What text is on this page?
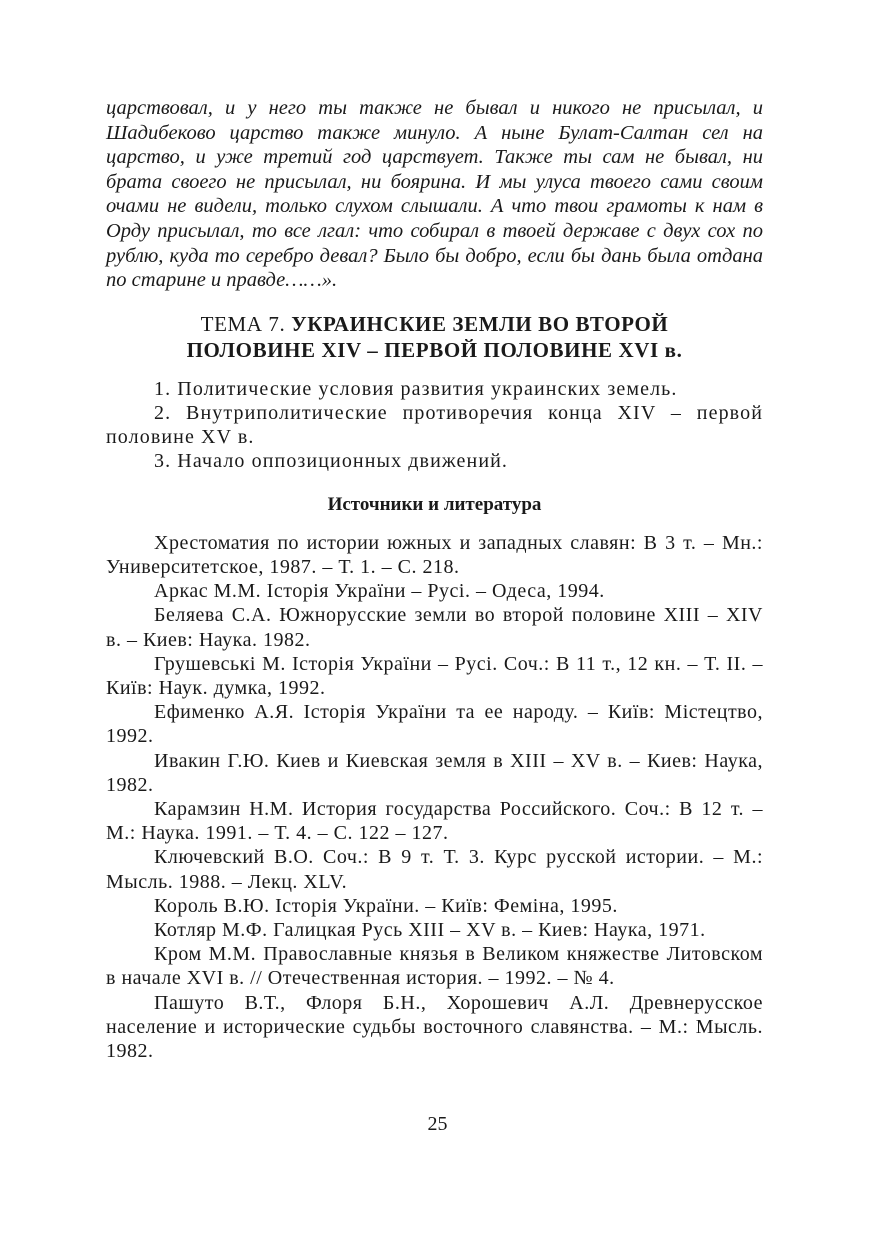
царствовал, и у него ты также не бывал и никого не присылал, и Шадибеково царство также минуло. А ныне Булат-Салтан сел на царство, и уже третий год царствует. Также ты сам не бывал, ни брата своего не присылал, ни боярина. И мы улуса твоего сами своим очами не видели, только слухом слышали. А что твои грамоты к нам в Орду присылал, то все лгал: что собирал в твоей державе с двух сох по рублю, куда то серебро девал? Было бы добро, если бы дань была отдана по старине и правде……».

ТЕМА 7. УКРАИНСКИЕ ЗЕМЛИ ВО ВТОРОЙ
ПОЛОВИНЕ XIV – ПЕРВОЙ ПОЛОВИНЕ XVI в.
1. Политические условия развития украинских земель.
2. Внутриполитические противоречия конца XIV – первой половине XV в.
3. Начало оппозиционных движений.
Источники и литература
Хрестоматия по истории южных и западных славян: В 3 т. – Мн.: Университетское, 1987. – Т. 1. – С. 218.
Аркас М.М. Історія України – Русі. – Одеса, 1994.
Беляева С.А. Южнорусские земли во второй половине XIII – XIV в. – Киев: Наука. 1982.
Грушевські М. Історія України – Русі. Соч.: В 11 т., 12 кн. – Т. II. – Київ: Наук. думка, 1992.
Ефименко А.Я. Історія України та ее народу. – Київ: Містецтво, 1992.
Ивакин Г.Ю. Киев и Киевская земля в XIII – XV в. – Киев: Наука, 1982.
Карамзин Н.М. История государства Российского. Соч.: В 12 т. – М.: Наука. 1991. – Т. 4. – С. 122 – 127.
Ключевский В.О. Соч.: В 9 т. Т. 3. Курс русской истории. – М.: Мысль. 1988. – Лекц. XLV.
Король В.Ю. Історія України. – Київ: Феміна, 1995.
Котляр М.Ф. Галицкая Русь XIII – XV в. – Киев: Наука, 1971.
Кром М.М. Православные князья в Великом княжестве Литовском в начале XVI в. // Отечественная история. – 1992. – № 4.
Пашуто В.Т., Флоря Б.Н., Хорошевич А.Л. Древнерусское население и исторические судьбы восточного славянства. – М.: Мысль. 1982.
25
